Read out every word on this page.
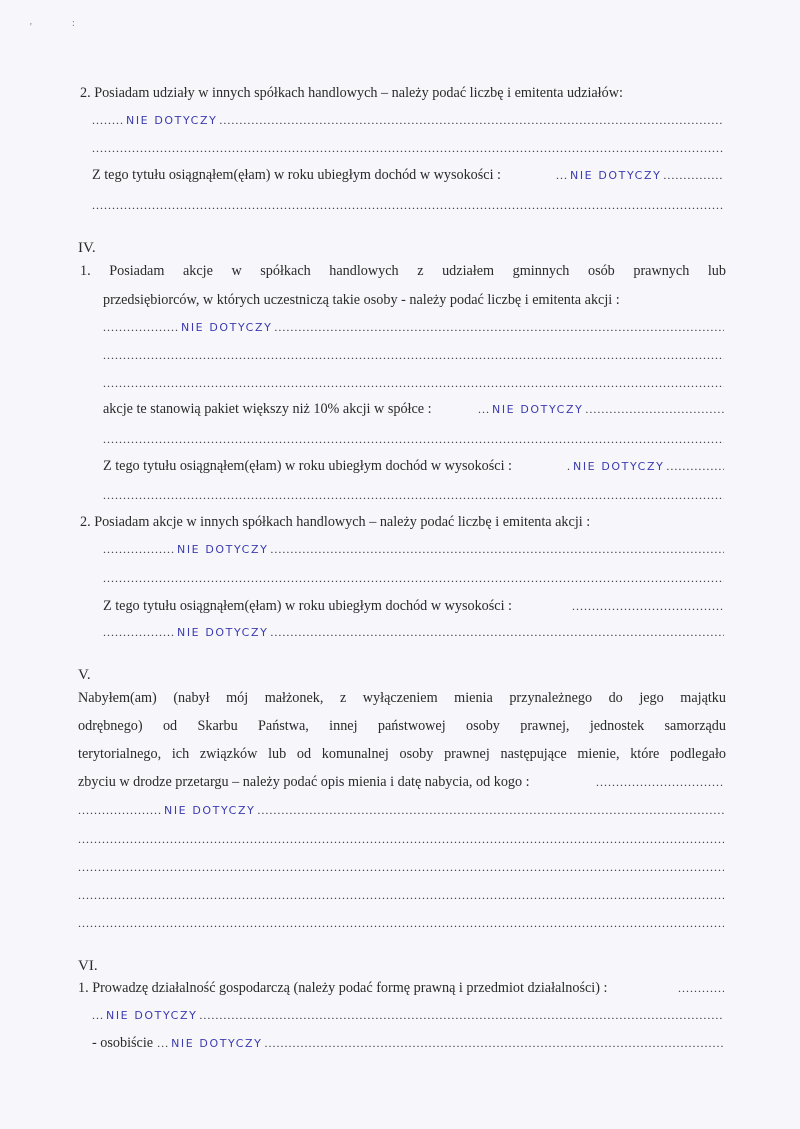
'	:
2. Posiadam udziały w innych spółkach handlowych – należy podać liczbę i emitenta udziałów:
........ NIE DOTYCZY.....
.....
Z tego tytułu osiągnąłem(ęłam) w roku ubiegłym dochód w wysokości :	... NIE DOTYCZY.....
.....
IV.
1. Posiadam akcje w spółkach handlowych z udziałem gminnych osób prawnych lub
przedsiębiorców, w których uczestniczą takie osoby - należy podać liczbę i emitenta akcji :
................... NIE DOTYCZY.....
.....
.....
akcje te stanowią pakiet większy niż 10% akcji w spółce :	... NIE DOTYCZY.....
.....
Z tego tytułu osiągnąłem(ęłam) w roku ubiegłym dochód w wysokości :	. NIE DOTYCZY.....
.....
2. Posiadam akcje w innych spółkach handlowych – należy podać liczbę i emitenta akcji :
.................. NIE DOTYCZY.....
.....
Z tego tytułu osiągnąłem(ęłam) w roku ubiegłym dochód w wysokości :
.....
.................. NIE DOTYCZY.....
V.
Nabyłem(am) (nabył mój małżonek, z wyłączeniem mienia przynależnego do jego majątku
odrębnego) od Skarbu Państwa, innej państwowej osoby prawnej, jednostek samorządu
terytorialnego, ich związków lub od komunalnej osoby prawnej następujące mienie, które podlegało
zbyciu w drodze przetargu – należy podać opis mienia i datę nabycia, od kogo :
.....
..................... NIE DOTYCZY.....
.....
.....
.....
.....
VI.
1. Prowadzę działalność gospodarczą (należy podać formę prawną i przedmiot działalności) :
.....
... NIE DOTYCZY.....
- osobiście ... NIE DOTYCZY.....
